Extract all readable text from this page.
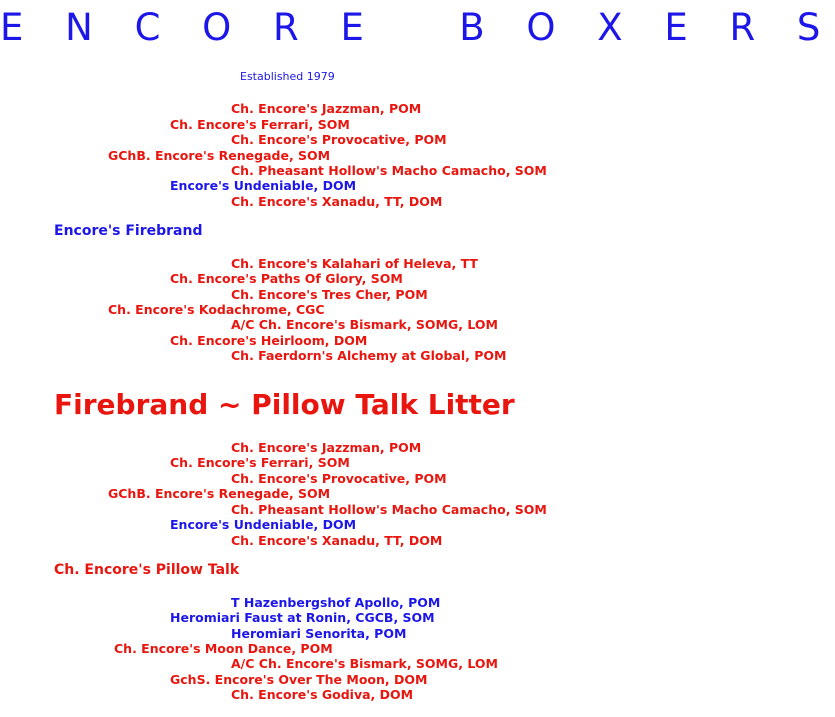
E N C O R E   B O X E R S
Established 1979
Ch. Encore's Jazzman, POM
Ch. Encore's Ferrari, SOM
Ch. Encore's Provocative, POM
GChB. Encore's Renegade, SOM
Ch. Pheasant Hollow's Macho Camacho, SOM
Encore's Undeniable, DOM
Ch. Encore's Xanadu, TT, DOM
Encore's Firebrand
Ch. Encore's Kalahari of Heleva, TT
Ch. Encore's Paths Of Glory, SOM
Ch. Encore's Tres Cher, POM
Ch. Encore's Kodachrome, CGC
A/C Ch. Encore's Bismark, SOMG, LOM
Ch. Encore's Heirloom, DOM
Ch. Faerdorn's Alchemy at Global, POM
Firebrand ~ Pillow Talk Litter
Ch. Encore's Jazzman, POM
Ch. Encore's Ferrari, SOM
Ch. Encore's Provocative, POM
GChB. Encore's Renegade, SOM
Ch. Pheasant Hollow's Macho Camacho, SOM
Encore's Undeniable, DOM
Ch. Encore's Xanadu, TT, DOM
Ch. Encore's Pillow Talk
T Hazenbergshof Apollo, POM
Heromiari Faust at Ronin, CGCB, SOM
Heromiari Senorita, POM
Ch. Encore's Moon Dance, POM
A/C Ch. Encore's Bismark, SOMG, LOM
GchS. Encore's Over The Moon, DOM
Ch. Encore's Godiva, DOM
